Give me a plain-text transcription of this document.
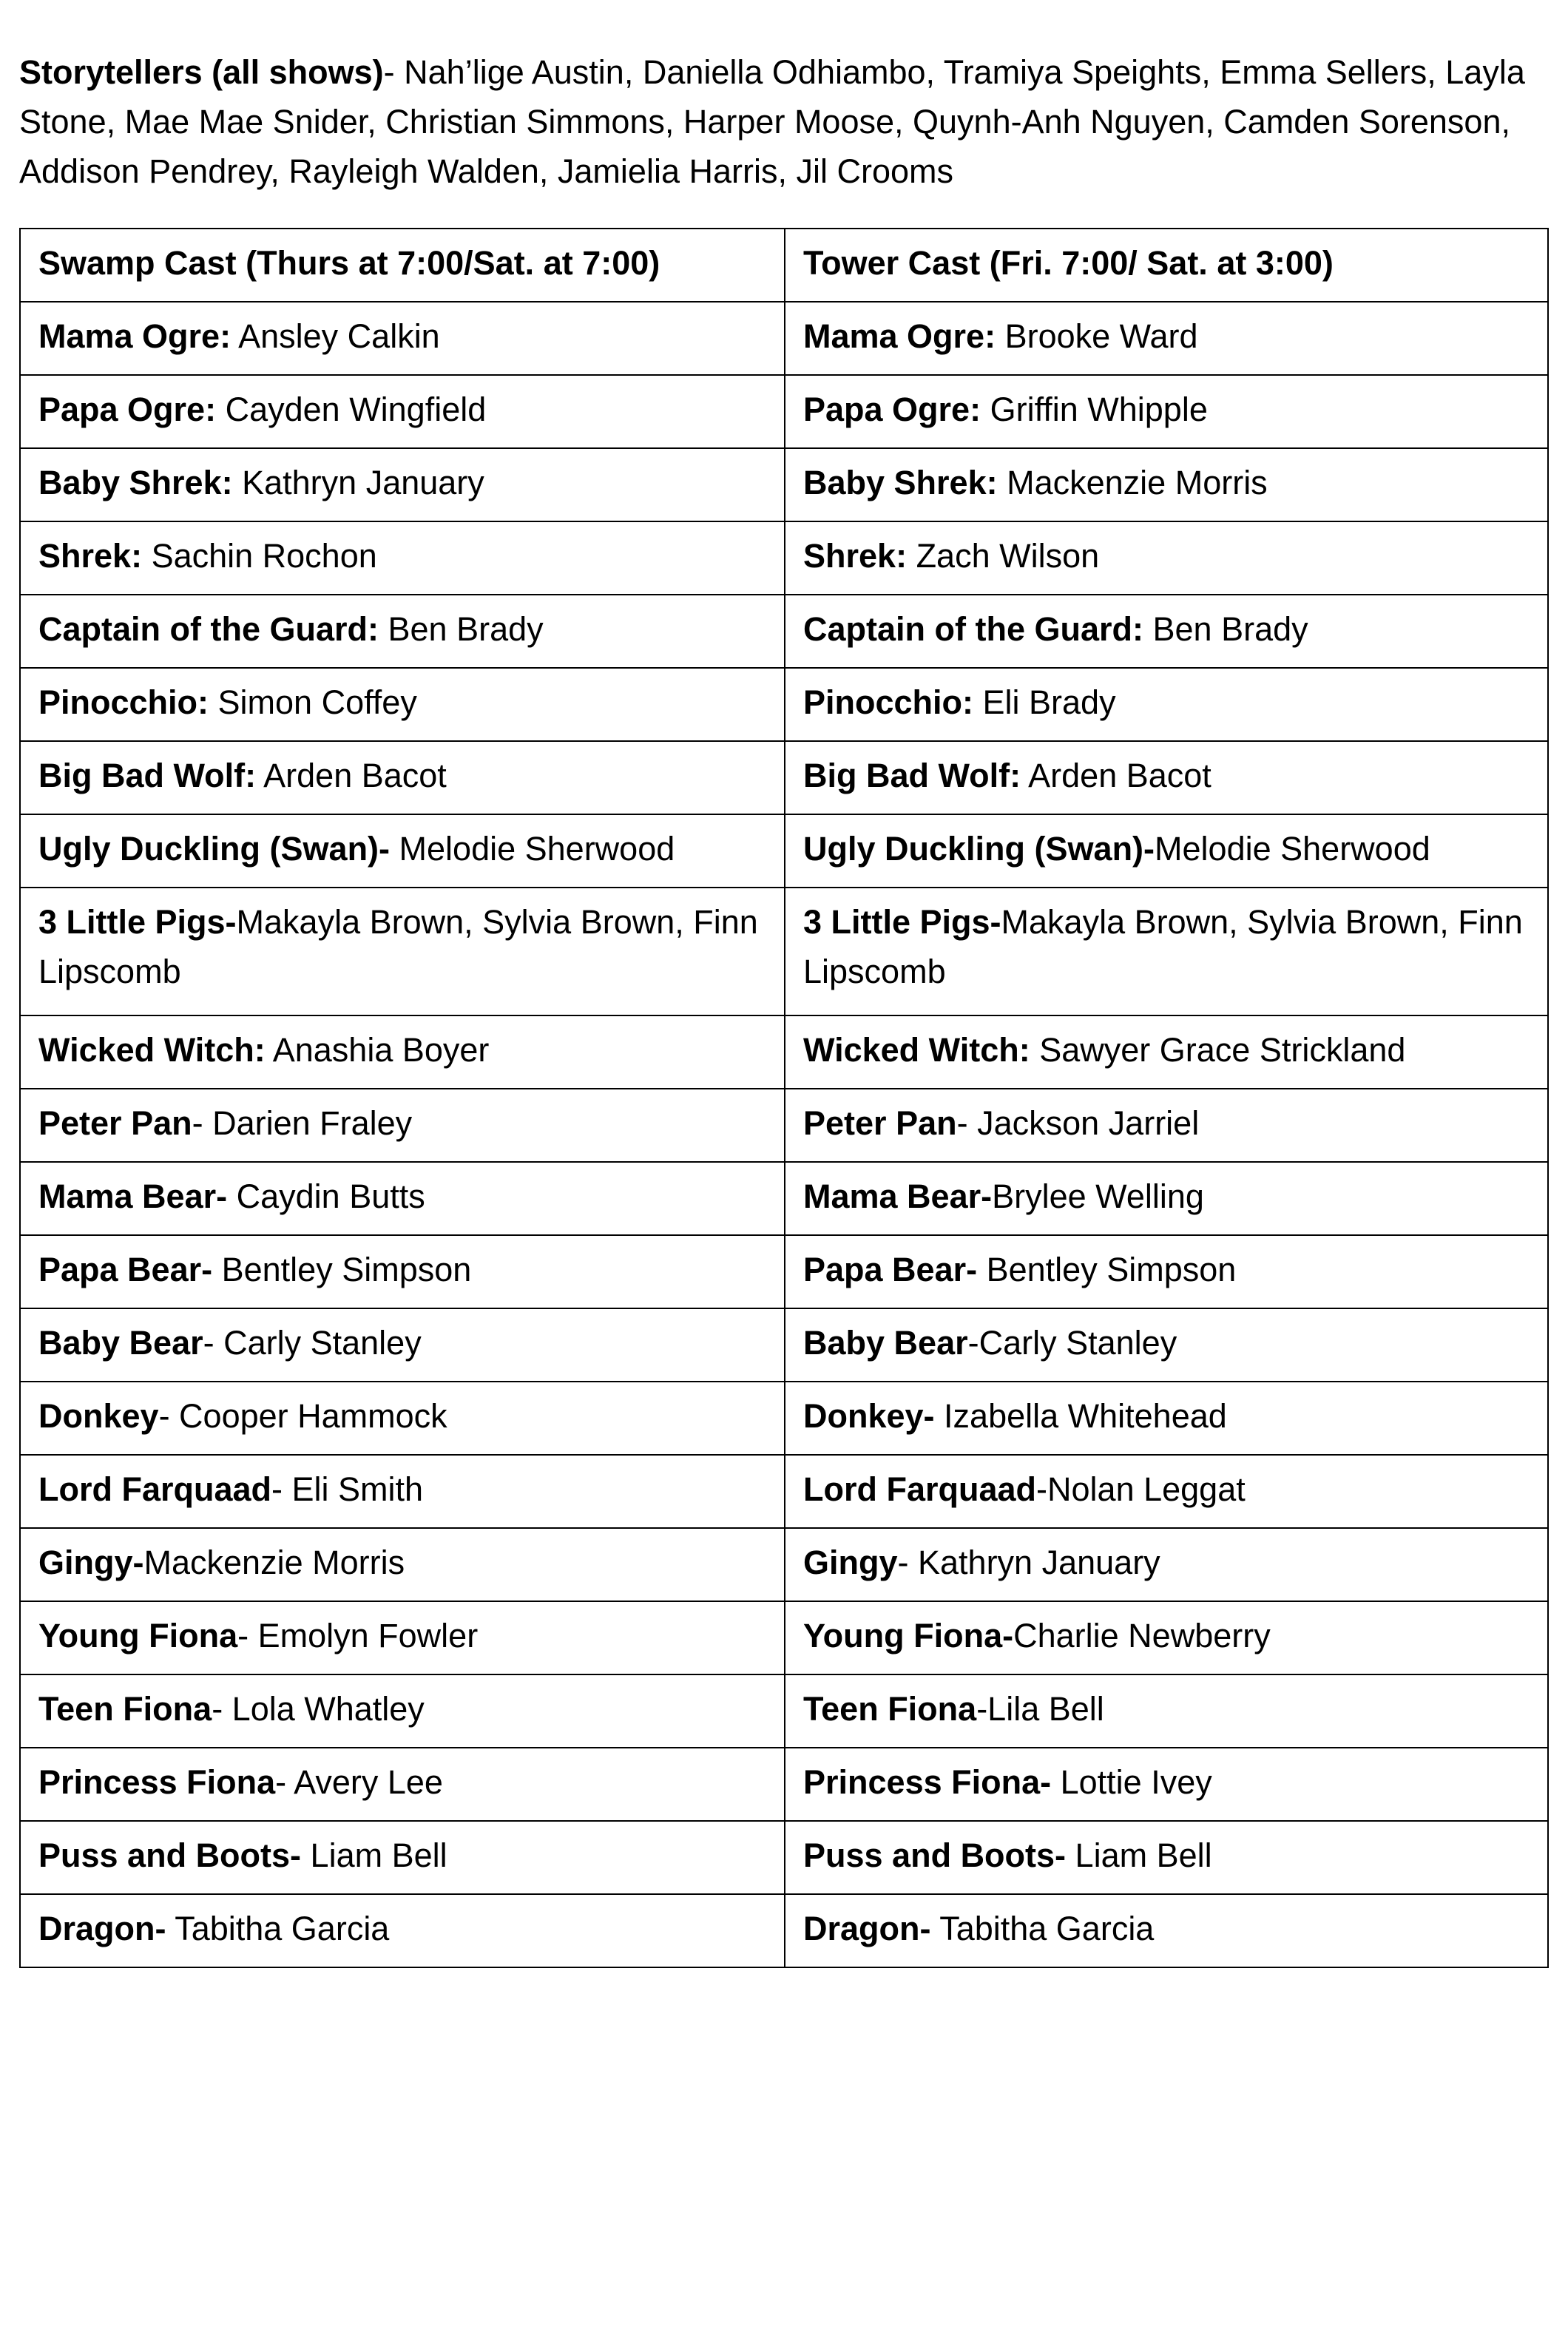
Storytellers (all shows)- Nah’lige Austin, Daniella Odhiambo, Tramiya Speights, Emma Sellers, Layla Stone, Mae Mae Snider, Christian Simmons, Harper Moose, Quynh-Anh Nguyen, Camden Sorenson, Addison Pendrey, Rayleigh Walden, Jamielia Harris, Jil Crooms

Swamp Cast (Thurs at 7:00/Sat. at 7:00)	Tower Cast (Fri. 7:00/ Sat. at 3:00)
Mama Ogre: Ansley Calkin	Mama Ogre: Brooke Ward
Papa Ogre: Cayden Wingfield	Papa Ogre: Griffin Whipple
Baby Shrek: Kathryn January	Baby Shrek: Mackenzie Morris
Shrek: Sachin Rochon	Shrek: Zach Wilson
Captain of the Guard: Ben Brady	Captain of the Guard: Ben Brady
Pinocchio: Simon Coffey	Pinocchio: Eli Brady
Big Bad Wolf: Arden Bacot	Big Bad Wolf: Arden Bacot
Ugly Duckling (Swan)- Melodie Sherwood	Ugly Duckling (Swan)-Melodie Sherwood
3 Little Pigs-Makayla Brown, Sylvia Brown, Finn Lipscomb	3 Little Pigs-Makayla Brown, Sylvia Brown, Finn Lipscomb
Wicked Witch: Anashia Boyer	Wicked Witch: Sawyer Grace Strickland
Peter Pan- Darien Fraley	Peter Pan- Jackson Jarriel
Mama Bear- Caydin Butts	Mama Bear-Brylee Welling
Papa Bear- Bentley Simpson	Papa Bear- Bentley Simpson
Baby Bear- Carly Stanley	Baby Bear-Carly Stanley
Donkey- Cooper Hammock	Donkey- Izabella Whitehead
Lord Farquaad- Eli Smith	Lord Farquaad-Nolan Leggat
Gingy-Mackenzie Morris	Gingy- Kathryn January
Young Fiona- Emolyn Fowler	Young Fiona-Charlie Newberry
Teen Fiona- Lola Whatley	Teen Fiona-Lila Bell
Princess Fiona- Avery Lee	Princess Fiona- Lottie Ivey
Puss and Boots- Liam Bell	Puss and Boots- Liam Bell
Dragon- Tabitha Garcia	Dragon- Tabitha Garcia
